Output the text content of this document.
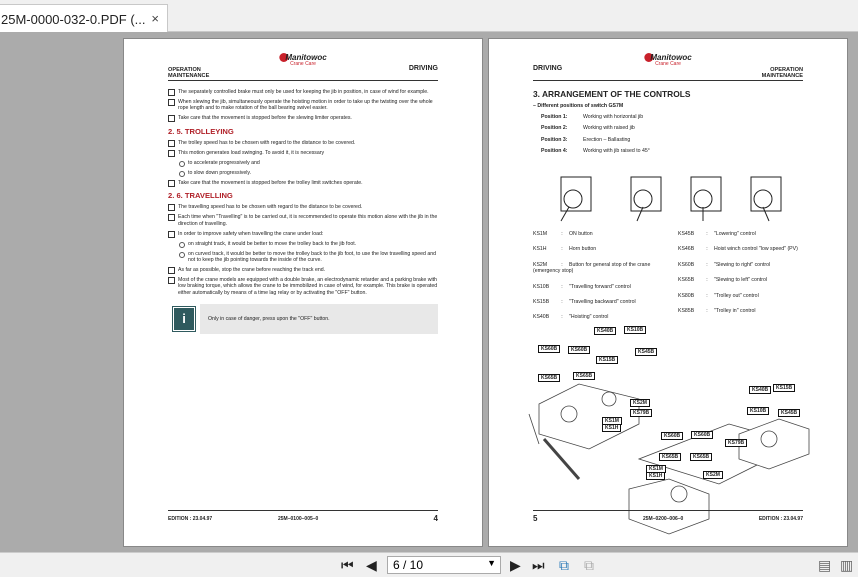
25M-0000-032-0.PDF (... ×
OPERATION
MAINTENANCE
DRIVING
Manitowoc
Crane Care
The separately controlled brake must only be used for keeping the jib in position, in case of wind for example.
When slewing the jib, simultaneously operate the hoisting motion in order to take up the twisting over the whole rope length and to make rotation of the ball bearing swivel easier.
Take care that the movement is stopped before the slewing limiter operates.
2. 5. TROLLEYING
The trolley speed has to be chosen with regard to the distance to be covered.
This motion generates load swinging. To avoid it, it is necessary
to accelerate progressively and
to slow down progressively.
Take care that the movement is stopped before the trolley limit switches operate.
2. 6. TRAVELLING
The travelling speed has to be chosen with regard to the distance to be covered.
Each time when "Travelling" is to be carried out, it is recommended to operate this motion alone with the jib in the direction of travelling.
In order to improve safety when travelling the crane under load:
on straight track, it would be better to move the trolley back to the jib foot.
on curved track, it would be better to move the trolley back to the jib foot, to use the low travelling speed and not to keep the jib pointing towards the inside of the curve.
As far as possible, stop the crane before reaching the track end.
Most of the crane models are equipped with a double brake, an electrodynamic retarder and a parking brake with low braking torque, which allows the crane to be immobilized in case of wind, for example. This brake is operated either automatically by means of a time lag relay or by activating the "OFF" button.
i	Only in case of danger, press upon the "OFF" button.
EDITION : 23.04.97	25M–0100–005–0	4
DRIVING	OPERATION
MAINTENANCE
Manitowoc
Crane Care
3. ARRANGEMENT OF THE CONTROLS
– Different positions of switch GS7M
Position 1:	Working with horizontal jib
Position 2:	Working with raised jib
Position 3:	Erection – Ballasting
Position 4:	Working with jib raised to 45°
KS1M	: ON button
KS1H	: Horn button
KS2M	: Button for general stop of the crane (emergency stop)
KS10B : "Travelling forward" control
KS15B : "Travelling backward" control
KS40B : "Hoisting" control
KS45B : "Lowering" control
KS46B : Hoist winch control "low speed" (PV)
KS60B : "Slewing to right" control
KS65B : "Slewing to left" control
KS80B : "Trolley out" control
KS85B : "Trolley in" control
KS40B	KS10B
KS60B	KS60B	KS45B
KS15B
KS65B	KS65B
KS2M
KS79B
KS1M
KS1H
KS40B	KS15B
KS10B	KS45B
KS79B
KS60B	KS60B
KS65B	KS65B
KS1M
KS1H	KS2M
5	25M–0200–006–0	EDITION : 23.04.97
⏮ ◀	6 / 10	▼ ▶ ⏭ ⧉ ⧉	▤ ▥
